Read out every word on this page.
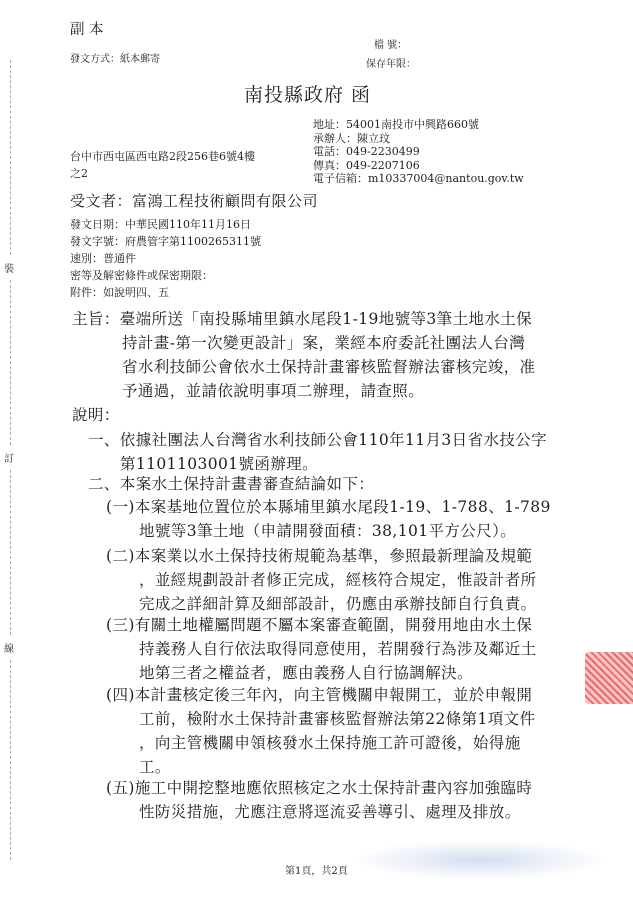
副 本
發文方式：紙本郵寄
檔 號：
保存年限：
南投縣政府 函
地址：54001南投市中興路660號
承辦人：陳立玟
電話：049-2230499
傳真：049-2207106
電子信箱：m10337004@nantou.gov.tw
台中市西屯區西屯路2段256巷6號4樓
之2
受文者：富鴻工程技術顧問有限公司
發文日期：中華民國110年11月16日
發文字號：府農管字第1100265311號
速別：普通件
密等及解密條件或保密期限：
附件：如說明四、五
主旨：臺端所送「南投縣埔里鎮水尾段1-19地號等3筆土地水土保
持計畫-第一次變更設計」案，業經本府委託社團法人台灣
省水利技師公會依水土保持計畫審核監督辦法審核完竣，准
予通過，並請依說明事項二辦理，請查照。
說明：
一、依據社團法人台灣省水利技師公會110年11月3日省水技公字
第1101103001號函辦理。
二、本案水土保持計畫書審查結論如下：
(一)本案基地位置位於本縣埔里鎮水尾段1-19、1-788、1-789
地號等3筆土地（申請開發面積：38,101平方公尺）。
(二)本案業以水土保持技術規範為基準，參照最新理論及規範
，並經規劃設計者修正完成，經核符合規定，惟設計者所
完成之詳細計算及細部設計，仍應由承辦技師自行負責。
(三)有關土地權屬問題不屬本案審查範圍，開發用地由水土保
持義務人自行依法取得同意使用，若開發行為涉及鄰近土
地第三者之權益者，應由義務人自行協調解決。
(四)本計畫核定後三年內，向主管機關申報開工，並於申報開
工前，檢附水土保持計畫審核監督辦法第22條第1項文件
，向主管機關申領核發水土保持施工許可證後，始得施
工。
(五)施工中開挖整地應依照核定之水土保持計畫內容加強臨時
性防災措施，尤應注意將逕流妥善導引、處理及排放。
裝
訂
線
第1頁，共2頁
